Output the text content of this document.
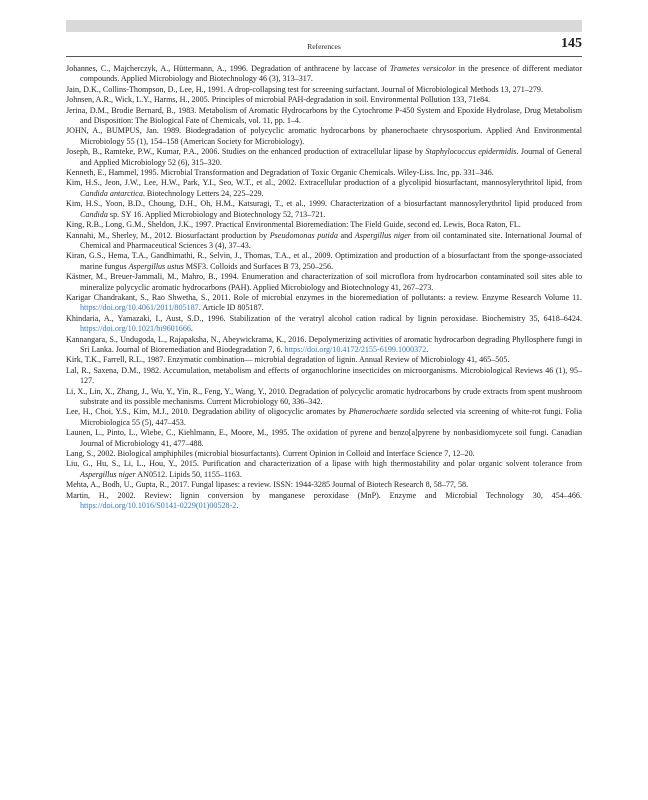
References	145

Johannes, C., Majcherczyk, A., Hüttermann, A., 1996. Degradation of anthracene by laccase of Trametes versicolor in the presence of different mediator compounds. Applied Microbiology and Biotechnology 46 (3), 313–317.

Jain, D.K., Collins-Thompson, D., Lee, H., 1991. A drop-collapsing test for screening surfactant. Journal of Microbiological Methods 13, 271–279.

Johnsen, A.R., Wick, L.Y., Harms, H., 2005. Principles of microbial PAH-degradation in soil. Environmental Pollution 133, 71e84.

Jerina, D.M., Brodie Bernard, B., 1983. Metabolism of Aromatic Hydrocarbons by the Cytochrome P-450 System and Epoxide Hydrolase, Drug Metabolism and Disposition: The Biological Fate of Chemicals, vol. 11, pp. 1–4.

JOHN, A., BUMPUS, Jan. 1989. Biodegradation of polycyclic aromatic hydrocarbons by phanerochaete chrysosporium. Applied And Environmental Microbiology 55 (1), 154–158 (American Society for Microbiology).

Joseph, B., Ramteke, P.W., Kumar, P.A., 2006. Studies on the enhanced production of extracellular lipase by Staphylococcus epidermidis. Journal of General and Applied Microbiology 52 (6), 315–320.

Kenneth, E., Hammel, 1995. Microbial Transformation and Degradation of Toxic Organic Chemicals. Wiley-Liss. Inc, pp. 331–346.

Kim, H.S., Jeon, J.W., Lee, H.W., Park, Y.I., Seo, W.T., et al., 2002. Extracellular production of a glycolipid biosurfactant, mannosylerythritol lipid, from Candida antarctica. Biotechnology Letters 24, 225–229.

Kim, H.S., Yoon, B.D., Choung, D.H., Oh, H.M., Katsuragi, T., et al., 1999. Characterization of a biosurfactant mannosylerythritol lipid produced from Candida sp. SY 16. Applied Microbiology and Biotechnology 52, 713–721.

King, R.B., Long, G.M., Sheldon, J.K., 1997. Practical Environmental Bioremediation: The Field Guide, second ed. Lewis, Boca Raton, FL.

Kannahi, M., Sherley, M., 2012. Biosurfactant production by Pseudomonas putida and Aspergillus niger from oil contaminated site. International Journal of Chemical and Pharmaceutical Sciences 3 (4), 37–43.

Kiran, G.S., Hema, T.A., Gandhimathi, R., Selvin, J., Thomas, T.A., et al., 2009. Optimization and production of a biosurfactant from the sponge-associated marine fungus Aspergillus ustus MSF3. Colloids and Surfaces B 73, 250–256.

Kästner, M., Breuer-Jammali, M., Mahro, B., 1994. Enumeration and characterization of soil microflora from hydrocarbon contaminated soil sites able to mineralize polycyclic aromatic hydrocarbons (PAH). Applied Microbiology and Biotechnology 41, 267–273.

Karigar Chandrakant, S., Rao Shwetha, S., 2011. Role of microbial enzymes in the bioremediation of pollutants: a review. Enzyme Research Volume 11. https://doi.org/10.4061/2011/805187. Article ID 805187.

Khindaria, A., Yamazaki, I., Aust, S.D., 1996. Stabilization of the veratryl alcohol cation radical by lignin peroxidase. Biochemistry 35, 6418–6424. https://doi.org/10.1021/bi9601666.

Kannangara, S., Undugoda, L., Rajapaksha, N., Abeywickrama, K., 2016. Depolymerizing activities of aromatic hydrocarbon degrading Phyllosphere fungi in Sri Lanka. Journal of Bioremediation and Biodegradation 7, 6. https://doi.org/10.4172/2155-6199.1000372.

Kirk, T.K., Farrell, R.L., 1987. Enzymatic combination— microbial degradation of lignin. Annual Review of Microbiology 41, 465–505.

Lal, R., Saxena, D.M., 1982. Accumulation, metabolism and effects of organochlorine insecticides on microorganisms. Microbiological Reviews 46 (1), 95–127.

Li, X., Lin, X., Zhang, J., Wu, Y., Yin, R., Feng, Y., Wang, Y., 2010. Degradation of polycyclic aromatic hydrocarbons by crude extracts from spent mushroom substrate and its possible mechanisms. Current Microbiology 60, 336–342.

Lee, H., Choi, Y.S., Kim, M.J., 2010. Degradation ability of oligocyclic aromates by Phanerochaete sordida selected via screening of white-rot fungi. Folia Microbiologica 55 (5), 447–453.

Launen, L., Pinto, L., Wiebe, C., Kiehlmann, E., Moore, M., 1995. The oxidation of pyrene and benzo[a]pyrene by nonbasidiomycete soil fungi. Canadian Journal of Microbiology 41, 477–488.

Lang, S., 2002. Biological amphiphiles (microbial biosurfactants). Current Opinion in Colloid and Interface Science 7, 12–20.

Liu, G., Hu, S., Li, L., Hou, Y., 2015. Purification and characterization of a lipase with high thermostability and polar organic solvent tolerance from Aspergillus niger AN0512. Lipids 50, 1155–1163.

Mehta, A., Bodh, U., Gupta, R., 2017. Fungal lipases: a review. ISSN: 1944-3285 Journal of Biotech Research 8, 58–77, 58.

Martin, H., 2002. Review: lignin conversion by manganese peroxidase (MnP). Enzyme and Microbial Technology 30, 454–466. https://doi.org/10.1016/S0141-0229(01)00528-2.
